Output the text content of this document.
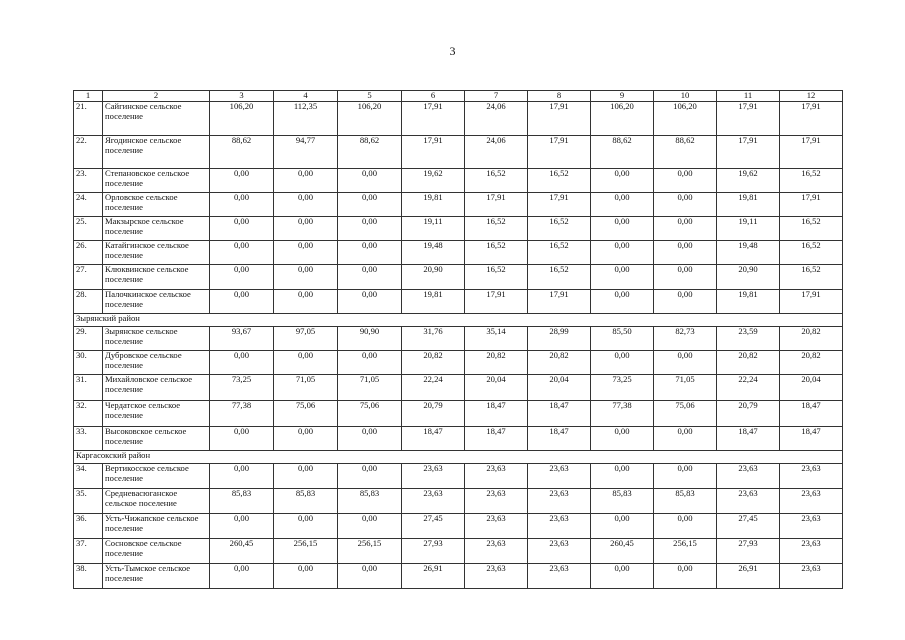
3
1	2	3	4	5	6	7	8	9	10	11	12
21.	Сайгинское сельское поселение	106,20	112,35	106,20	17,91	24,06	17,91	106,20	106,20	17,91	17,91
22.	Ягодинское сельское поселение	88,62	94,77	88,62	17,91	24,06	17,91	88,62	88,62	17,91	17,91
23.	Степановское сельское поселение	0,00	0,00	0,00	19,62	16,52	16,52	0,00	0,00	19,62	16,52
24.	Орловское сельское поселение	0,00	0,00	0,00	19,81	17,91	17,91	0,00	0,00	19,81	17,91
25.	Макзырское сельское поселение	0,00	0,00	0,00	19,11	16,52	16,52	0,00	0,00	19,11	16,52
26.	Катайгинское сельское поселение	0,00	0,00	0,00	19,48	16,52	16,52	0,00	0,00	19,48	16,52
27.	Клюквинское сельское поселение	0,00	0,00	0,00	20,90	16,52	16,52	0,00	0,00	20,90	16,52
28.	Палочкинское сельское поселение	0,00	0,00	0,00	19,81	17,91	17,91	0,00	0,00	19,81	17,91
Зырянский район											
29.	Зырянское сельское поселение	93,67	97,05	90,90	31,76	35,14	28,99	85,50	82,73	23,59	20,82
30.	Дубровское сельское поселение	0,00	0,00	0,00	20,82	20,82	20,82	0,00	0,00	20,82	20,82
31.	Михайловское сельское поселение	73,25	71,05	71,05	22,24	20,04	20,04	73,25	71,05	22,24	20,04
32.	Чердатское сельское поселение	77,38	75,06	75,06	20,79	18,47	18,47	77,38	75,06	20,79	18,47
33.	Высоковское сельское поселение	0,00	0,00	0,00	18,47	18,47	18,47	0,00	0,00	18,47	18,47
Каргасокский район											
34.	Вертикосское сельское поселение	0,00	0,00	0,00	23,63	23,63	23,63	0,00	0,00	23,63	23,63
35.	Средневасюганское сельское поселение	85,83	85,83	85,83	23,63	23,63	23,63	85,83	85,83	23,63	23,63
36.	Усть-Чижапское сельское поселение	0,00	0,00	0,00	27,45	23,63	23,63	0,00	0,00	27,45	23,63
37.	Сосновское сельское поселение	260,45	256,15	256,15	27,93	23,63	23,63	260,45	256,15	27,93	23,63
38.	Усть-Тымское сельское поселение	0,00	0,00	0,00	26,91	23,63	23,63	0,00	0,00	26,91	23,63
